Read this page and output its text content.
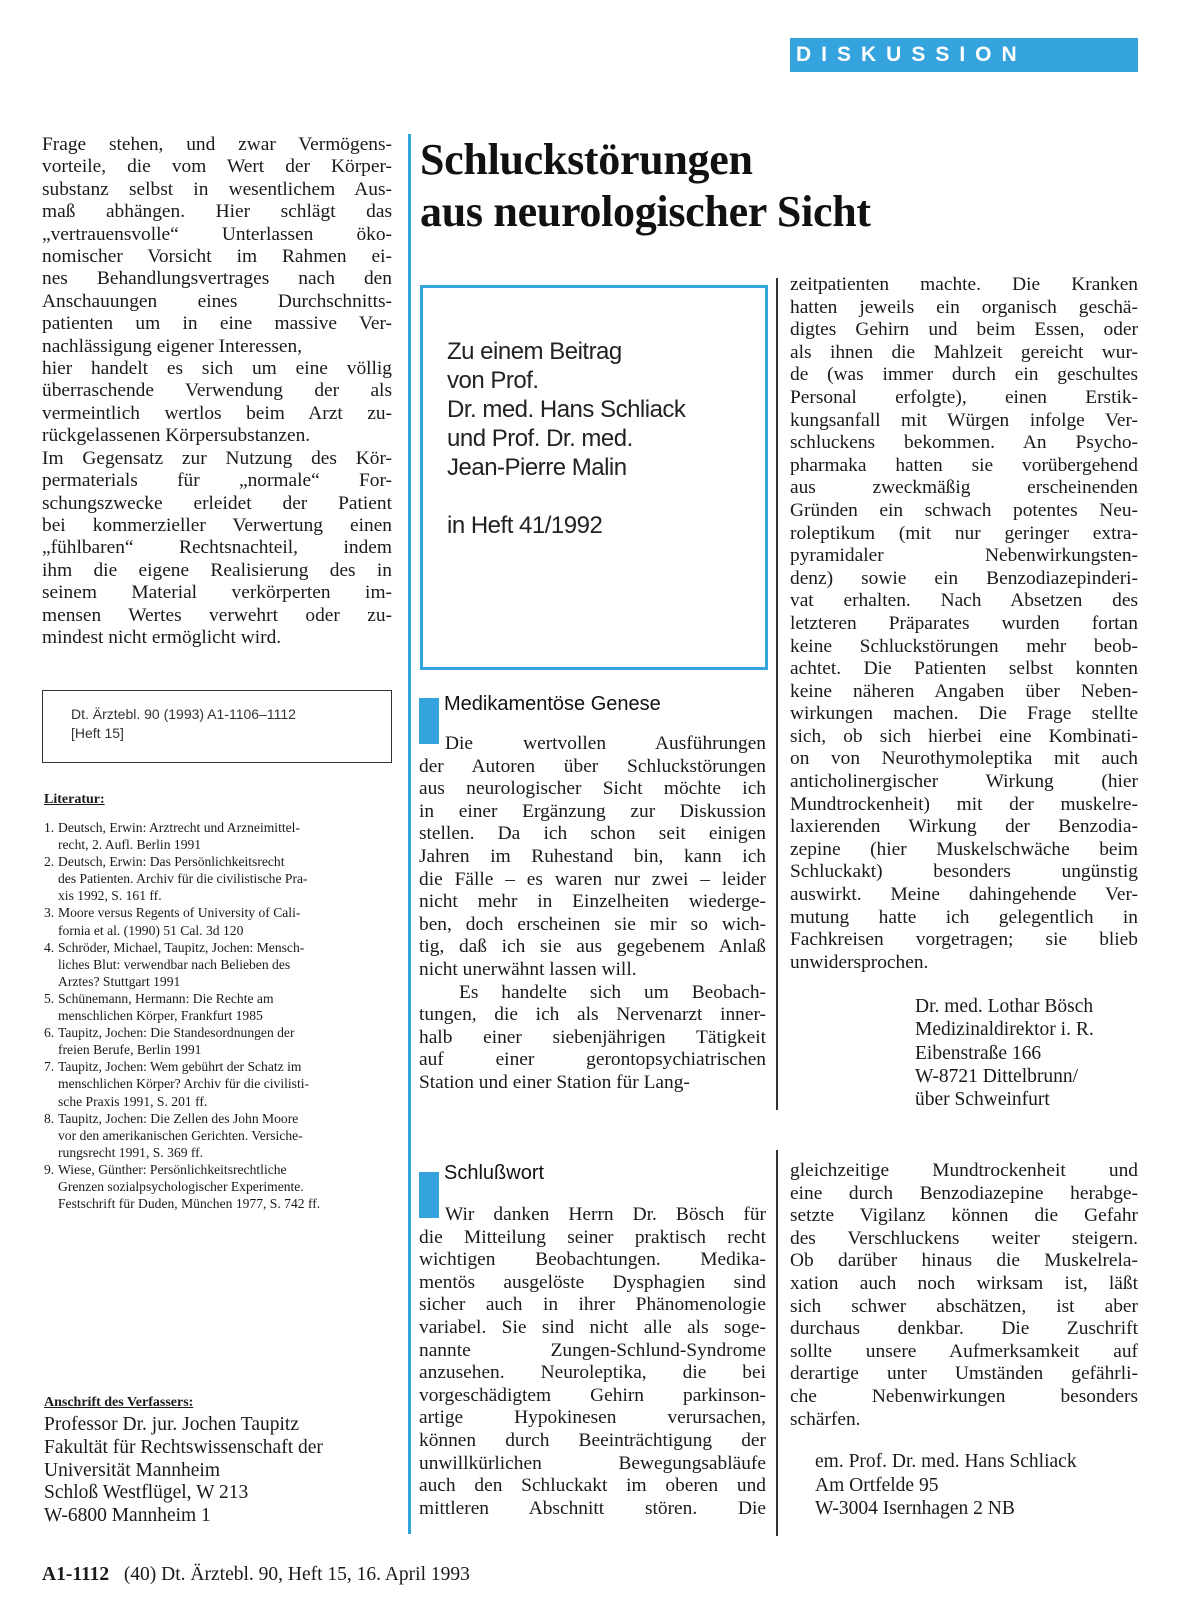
DISKUSSION
Frage stehen, und zwar Vermögens-
vorteile, die vom Wert der Körper-
substanz selbst in wesentlichem Aus-
maß abhängen. Hier schlägt das
„vertrauensvolle“ Unterlassen öko-
nomischer Vorsicht im Rahmen ei-
nes Behandlungsvertrages nach den
Anschauungen eines Durchschnitts-
patienten um in eine massive Ver-
nachlässigung eigener Interessen,
hier handelt es sich um eine völlig
überraschende Verwendung der als
vermeintlich wertlos beim Arzt zu-
rückgelassenen Körpersubstanzen.
Im Gegensatz zur Nutzung des Kör-
permaterials für „normale“ For-
schungszwecke erleidet der Patient
bei kommerzieller Verwertung einen
„fühlbaren“ Rechtsnachteil, indem
ihm die eigene Realisierung des in
seinem Material verkörperten im-
mensen Wertes verwehrt oder zu-
mindest nicht ermöglicht wird.
Dt. Ärztebl. 90 (1993) A1-1106–1112
[Heft 15]
Literatur:
1. Deutsch, Erwin: Arztrecht und Arzneimittel-
recht, 2. Aufl. Berlin 1991
2. Deutsch, Erwin: Das Persönlichkeitsrecht
des Patienten. Archiv für die civilistische Pra-
xis 1992, S. 161 ff.
3. Moore versus Regents of University of Cali-
fornia et al. (1990) 51 Cal. 3d 120
4. Schröder, Michael, Taupitz, Jochen: Mensch-
liches Blut: verwendbar nach Belieben des
Arztes? Stuttgart 1991
5. Schünemann, Hermann: Die Rechte am
menschlichen Körper, Frankfurt 1985
6. Taupitz, Jochen: Die Standesordnungen der
freien Berufe, Berlin 1991
7. Taupitz, Jochen: Wem gebührt der Schatz im
menschlichen Körper? Archiv für die civilisti-
sche Praxis 1991, S. 201 ff.
8. Taupitz, Jochen: Die Zellen des John Moore
vor den amerikanischen Gerichten. Versiche-
rungsrecht 1991, S. 369 ff.
9. Wiese, Günther: Persönlichkeitsrechtliche
Grenzen sozialpsychologischer Experimente.
Festschrift für Duden, München 1977, S. 742 ff.
Anschrift des Verfassers:
Professor Dr. jur. Jochen Taupitz
Fakultät für Rechtswissenschaft der
Universität Mannheim
Schloß Westflügel, W 213
W-6800 Mannheim 1
Schluckstörungen
aus neurologischer Sicht
Zu einem Beitrag
von Prof.
Dr. med. Hans Schliack
und Prof. Dr. med.
Jean-Pierre Malin

in Heft 41/1992
Medikamentöse Genese
Die wertvollen Ausführungen
der Autoren über Schluckstörungen
aus neurologischer Sicht möchte ich
in einer Ergänzung zur Diskussion
stellen. Da ich schon seit einigen
Jahren im Ruhestand bin, kann ich
die Fälle – es waren nur zwei – leider
nicht mehr in Einzelheiten wiederge-
ben, doch erscheinen sie mir so wich-
tig, daß ich sie aus gegebenem Anlaß
nicht unerwähnt lassen will.
Es handelte sich um Beobach-
tungen, die ich als Nervenarzt inner-
halb einer siebenjährigen Tätigkeit
auf einer gerontopsychiatrischen
Station und einer Station für Lang-
zeitpatienten machte. Die Kranken
hatten jeweils ein organisch geschä-
digtes Gehirn und beim Essen, oder
als ihnen die Mahlzeit gereicht wur-
de (was immer durch ein geschultes
Personal erfolgte), einen Erstik-
kungsanfall mit Würgen infolge Ver-
schluckens bekommen. An Psycho-
pharmaka hatten sie vorübergehend
aus zweckmäßig erscheinenden
Gründen ein schwach potentes Neu-
roleptikum (mit nur geringer extra-
pyramidaler Nebenwirkungsten-
denz) sowie ein Benzodiazepinderi-
vat erhalten. Nach Absetzen des
letzteren Präparates wurden fortan
keine Schluckstörungen mehr beob-
achtet. Die Patienten selbst konnten
keine näheren Angaben über Neben-
wirkungen machen. Die Frage stellte
sich, ob sich hierbei eine Kombinati-
on von Neurothymoleptika mit auch
anticholinergischer Wirkung (hier
Mundtrockenheit) mit der muskelre-
laxierenden Wirkung der Benzodia-
zepine (hier Muskelschwäche beim
Schluckakt) besonders ungünstig
auswirkt. Meine dahingehende Ver-
mutung hatte ich gelegentlich in
Fachkreisen vorgetragen; sie blieb
unwidersprochen.
Dr. med. Lothar Bösch
Medizinaldirektor i. R.
Eibenstraße 166
W-8721 Dittelbrunn/
über Schweinfurt
Schlußwort
Wir danken Herrn Dr. Bösch für
die Mitteilung seiner praktisch recht
wichtigen Beobachtungen. Medika-
mentös ausgelöste Dysphagien sind
sicher auch in ihrer Phänomenologie
variabel. Sie sind nicht alle als soge-
nannte Zungen-Schlund-Syndrome
anzusehen. Neuroleptika, die bei
vorgeschädigtem Gehirn parkinson-
artige Hypokinesen verursachen,
können durch Beeinträchtigung der
unwillkürlichen Bewegungsabläufe
auch den Schluckakt im oberen und
mittleren Abschnitt stören. Die
gleichzeitige Mundtrockenheit und
eine durch Benzodiazepine herabge-
setzte Vigilanz können die Gefahr
des Verschluckens weiter steigern.
Ob darüber hinaus die Muskelrela-
xation auch noch wirksam ist, läßt
sich schwer abschätzen, ist aber
durchaus denkbar. Die Zuschrift
sollte unsere Aufmerksamkeit auf
derartige unter Umständen gefährli-
che Nebenwirkungen besonders
schärfen.
em. Prof. Dr. med. Hans Schliack
Am Ortfelde 95
W-3004 Isernhagen 2 NB
A1-1112 (40) Dt. Ärztebl. 90, Heft 15, 16. April 1993
